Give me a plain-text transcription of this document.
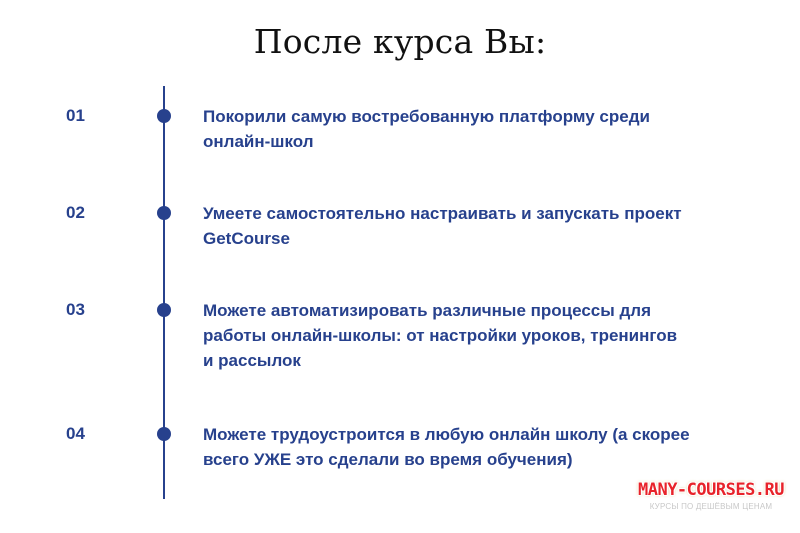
После курса Вы:
01	Покорили самую востребованную платформу среди
онлайн-школ
02	Умеете самостоятельно настраивать и запускать проект
GetCourse
03	Можете автоматизировать различные процессы для
работы онлайн-школы: от настройки уроков, тренингов
и рассылок
04	Можете трудоустроится в любую онлайн школу (а скорее
всего УЖЕ это сделали во время обучения)
MANY-COURSES.RU
КУРСЫ ПО ДЕШЁВЫМ ЦЕНАМ
